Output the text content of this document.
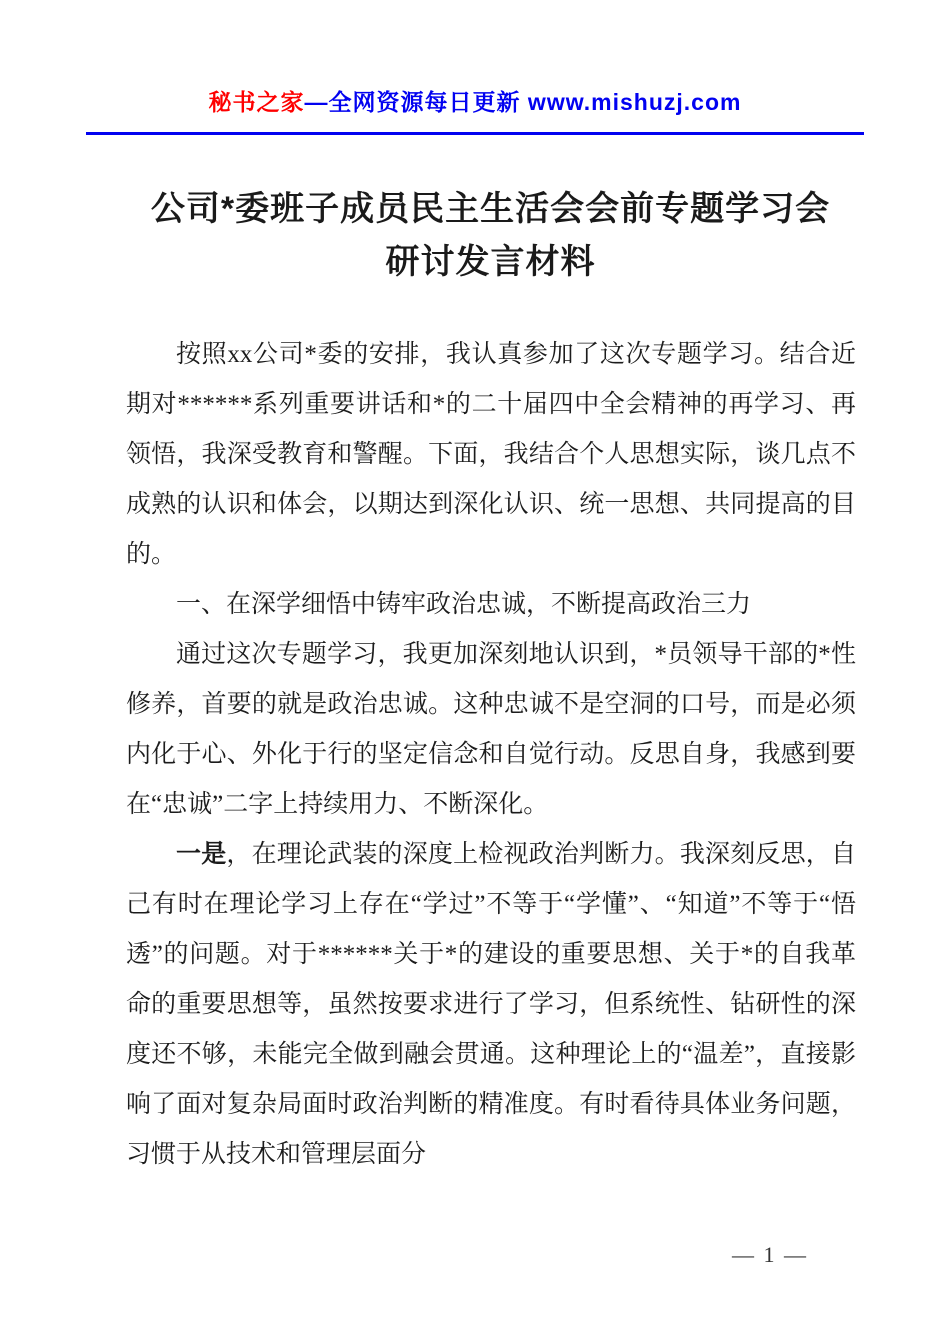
秘书之家—全网资源每日更新 www.mishuzj.com
公司*委班子成员民主生活会会前专题学习会
研讨发言材料

按照xx公司*委的安排，我认真参加了这次专题学习。结合近期对******系列重要讲话和*的二十届四中全会精神的再学习、再领悟，我深受教育和警醒。下面，我结合个人思想实际，谈几点不成熟的认识和体会，以期达到深化认识、统一思想、共同提高的目的。

一、在深学细悟中铸牢政治忠诚，不断提高政治三力

通过这次专题学习，我更加深刻地认识到，*员领导干部的*性修养，首要的就是政治忠诚。这种忠诚不是空洞的口号，而是必须内化于心、外化于行的坚定信念和自觉行动。反思自身，我感到要在“忠诚”二字上持续用力、不断深化。

一是，在理论武装的深度上检视政治判断力。我深刻反思，自己有时在理论学习上存在“学过”不等于“学懂”、“知道”不等于“悟透”的问题。对于******关于*的建设的重要思想、关于*的自我革命的重要思想等，虽然按要求进行了学习，但系统性、钻研性的深度还不够，未能完全做到融会贯通。这种理论上的“温差”，直接影响了面对复杂局面时政治判断的精准度。有时看待具体业务问题，习惯于从技术和管理层面分

— 1 —
